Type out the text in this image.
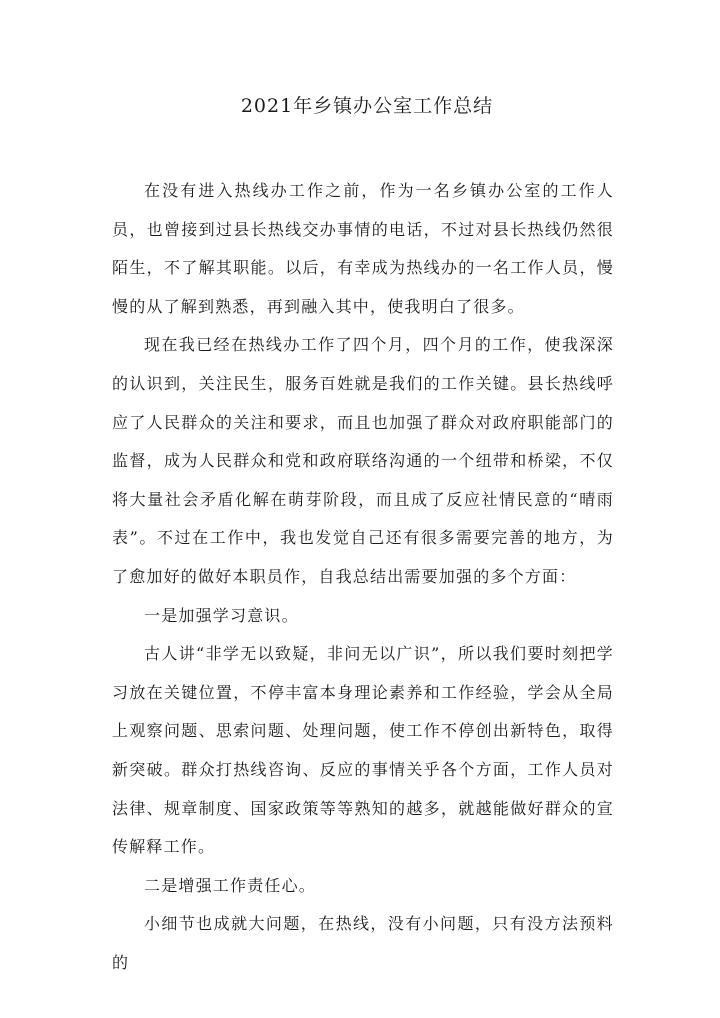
2021年乡镇办公室工作总结

在没有进入热线办工作之前，作为一名乡镇办公室的工作人员，也曾接到过县长热线交办事情的电话，不过对县长热线仍然很陌生，不了解其职能。以后，有幸成为热线办的一名工作人员，慢慢的从了解到熟悉，再到融入其中，使我明白了很多。

现在我已经在热线办工作了四个月，四个月的工作，使我深深的认识到，关注民生，服务百姓就是我们的工作关键。县长热线呼应了人民群众的关注和要求，而且也加强了群众对政府职能部门的监督，成为人民群众和党和政府联络沟通的一个纽带和桥梁，不仅将大量社会矛盾化解在萌芽阶段，而且成了反应社情民意的“晴雨表”。不过在工作中，我也发觉自己还有很多需要完善的地方，为了愈加好的做好本职员作，自我总结出需要加强的多个方面：

一是加强学习意识。

古人讲“非学无以致疑，非问无以广识”，所以我们要时刻把学习放在关键位置，不停丰富本身理论素养和工作经验，学会从全局上观察问题、思索问题、处理问题，使工作不停创出新特色，取得新突破。群众打热线咨询、反应的事情关乎各个方面，工作人员对法律、规章制度、国家政策等等熟知的越多，就越能做好群众的宣传解释工作。

二是增强工作责任心。

小细节也成就大问题，在热线，没有小问题，只有没方法预料的
